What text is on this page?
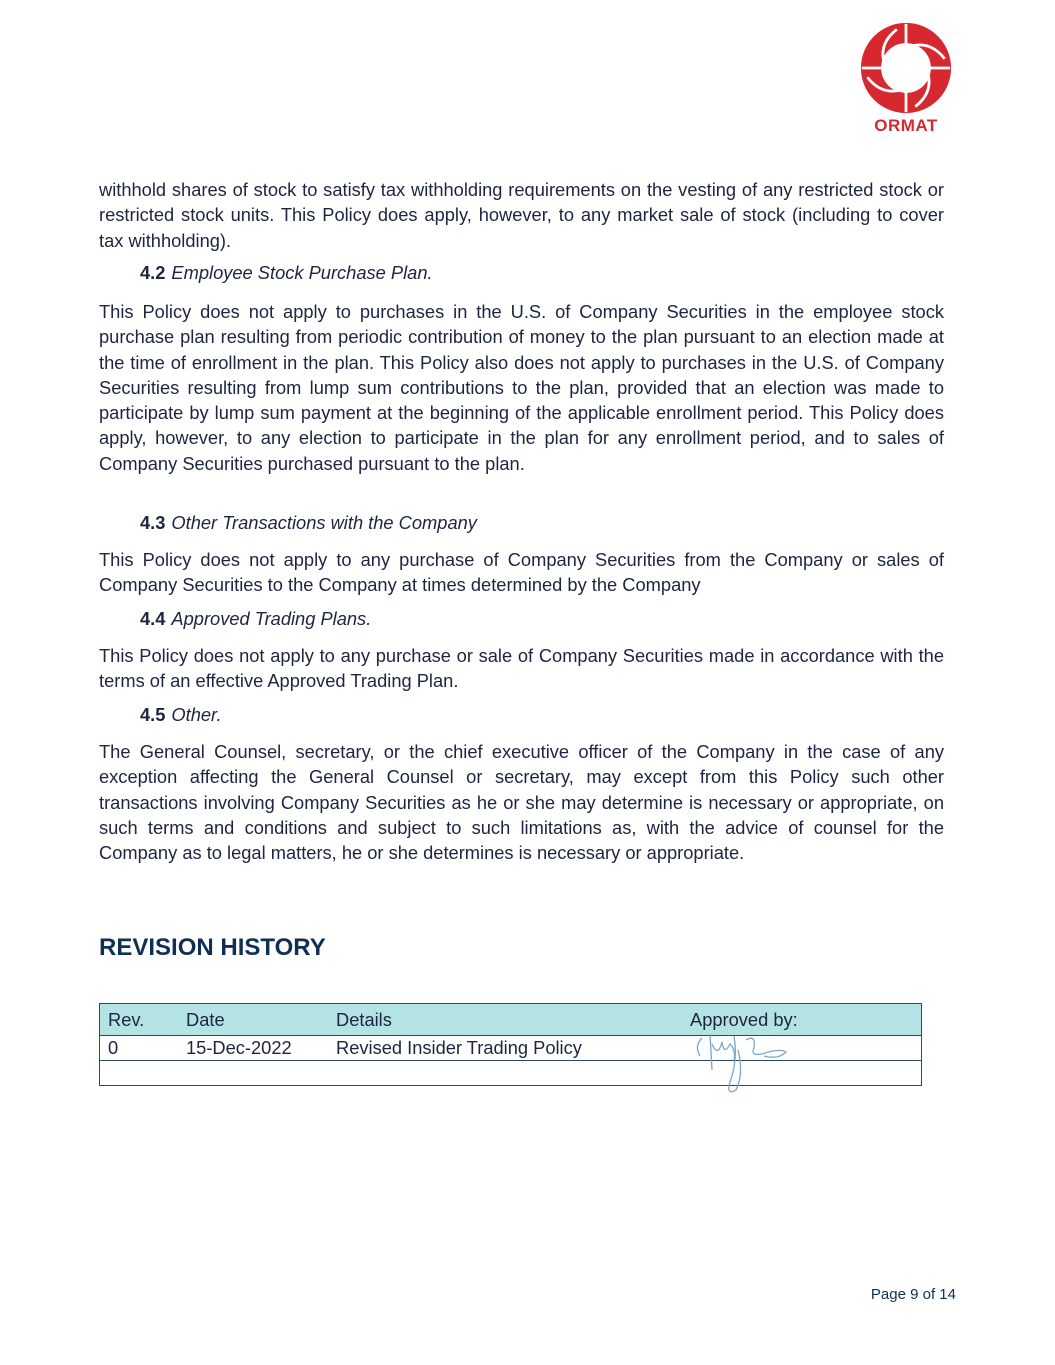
ORMAT
withhold shares of stock to satisfy tax withholding requirements on the vesting of any restricted stock or restricted stock units. This Policy does apply, however, to any market sale of stock (including to cover tax withholding).
4.2 Employee Stock Purchase Plan.
This Policy does not apply to purchases in the U.S. of Company Securities in the employee stock purchase plan resulting from periodic contribution of money to the plan pursuant to an election made at the time of enrollment in the plan. This Policy also does not apply to purchases in the U.S. of Company Securities resulting from lump sum contributions to the plan, provided that an election was made to participate by lump sum payment at the beginning of the applicable enrollment period. This Policy does apply, however, to any election to participate in the plan for any enrollment period, and to sales of Company Securities purchased pursuant to the plan.
4.3 Other Transactions with the Company
This Policy does not apply to any purchase of Company Securities from the Company or sales of Company Securities to the Company at times determined by the Company
4.4 Approved Trading Plans.
This Policy does not apply to any purchase or sale of Company Securities made in accordance with the terms of an effective Approved Trading Plan.
4.5 Other.
The General Counsel, secretary, or the chief executive officer of the Company in the case of any exception affecting the General Counsel or secretary, may except from this Policy such other transactions involving Company Securities as he or she may determine is necessary or appropriate, on such terms and conditions and subject to such limitations as, with the advice of counsel for the Company as to legal matters, he or she determines is necessary or appropriate.
REVISION HISTORY
Rev.	Date	Details	Approved by:
0	15-Dec-2022	Revised Insider Trading Policy	

Page 9 of 14
